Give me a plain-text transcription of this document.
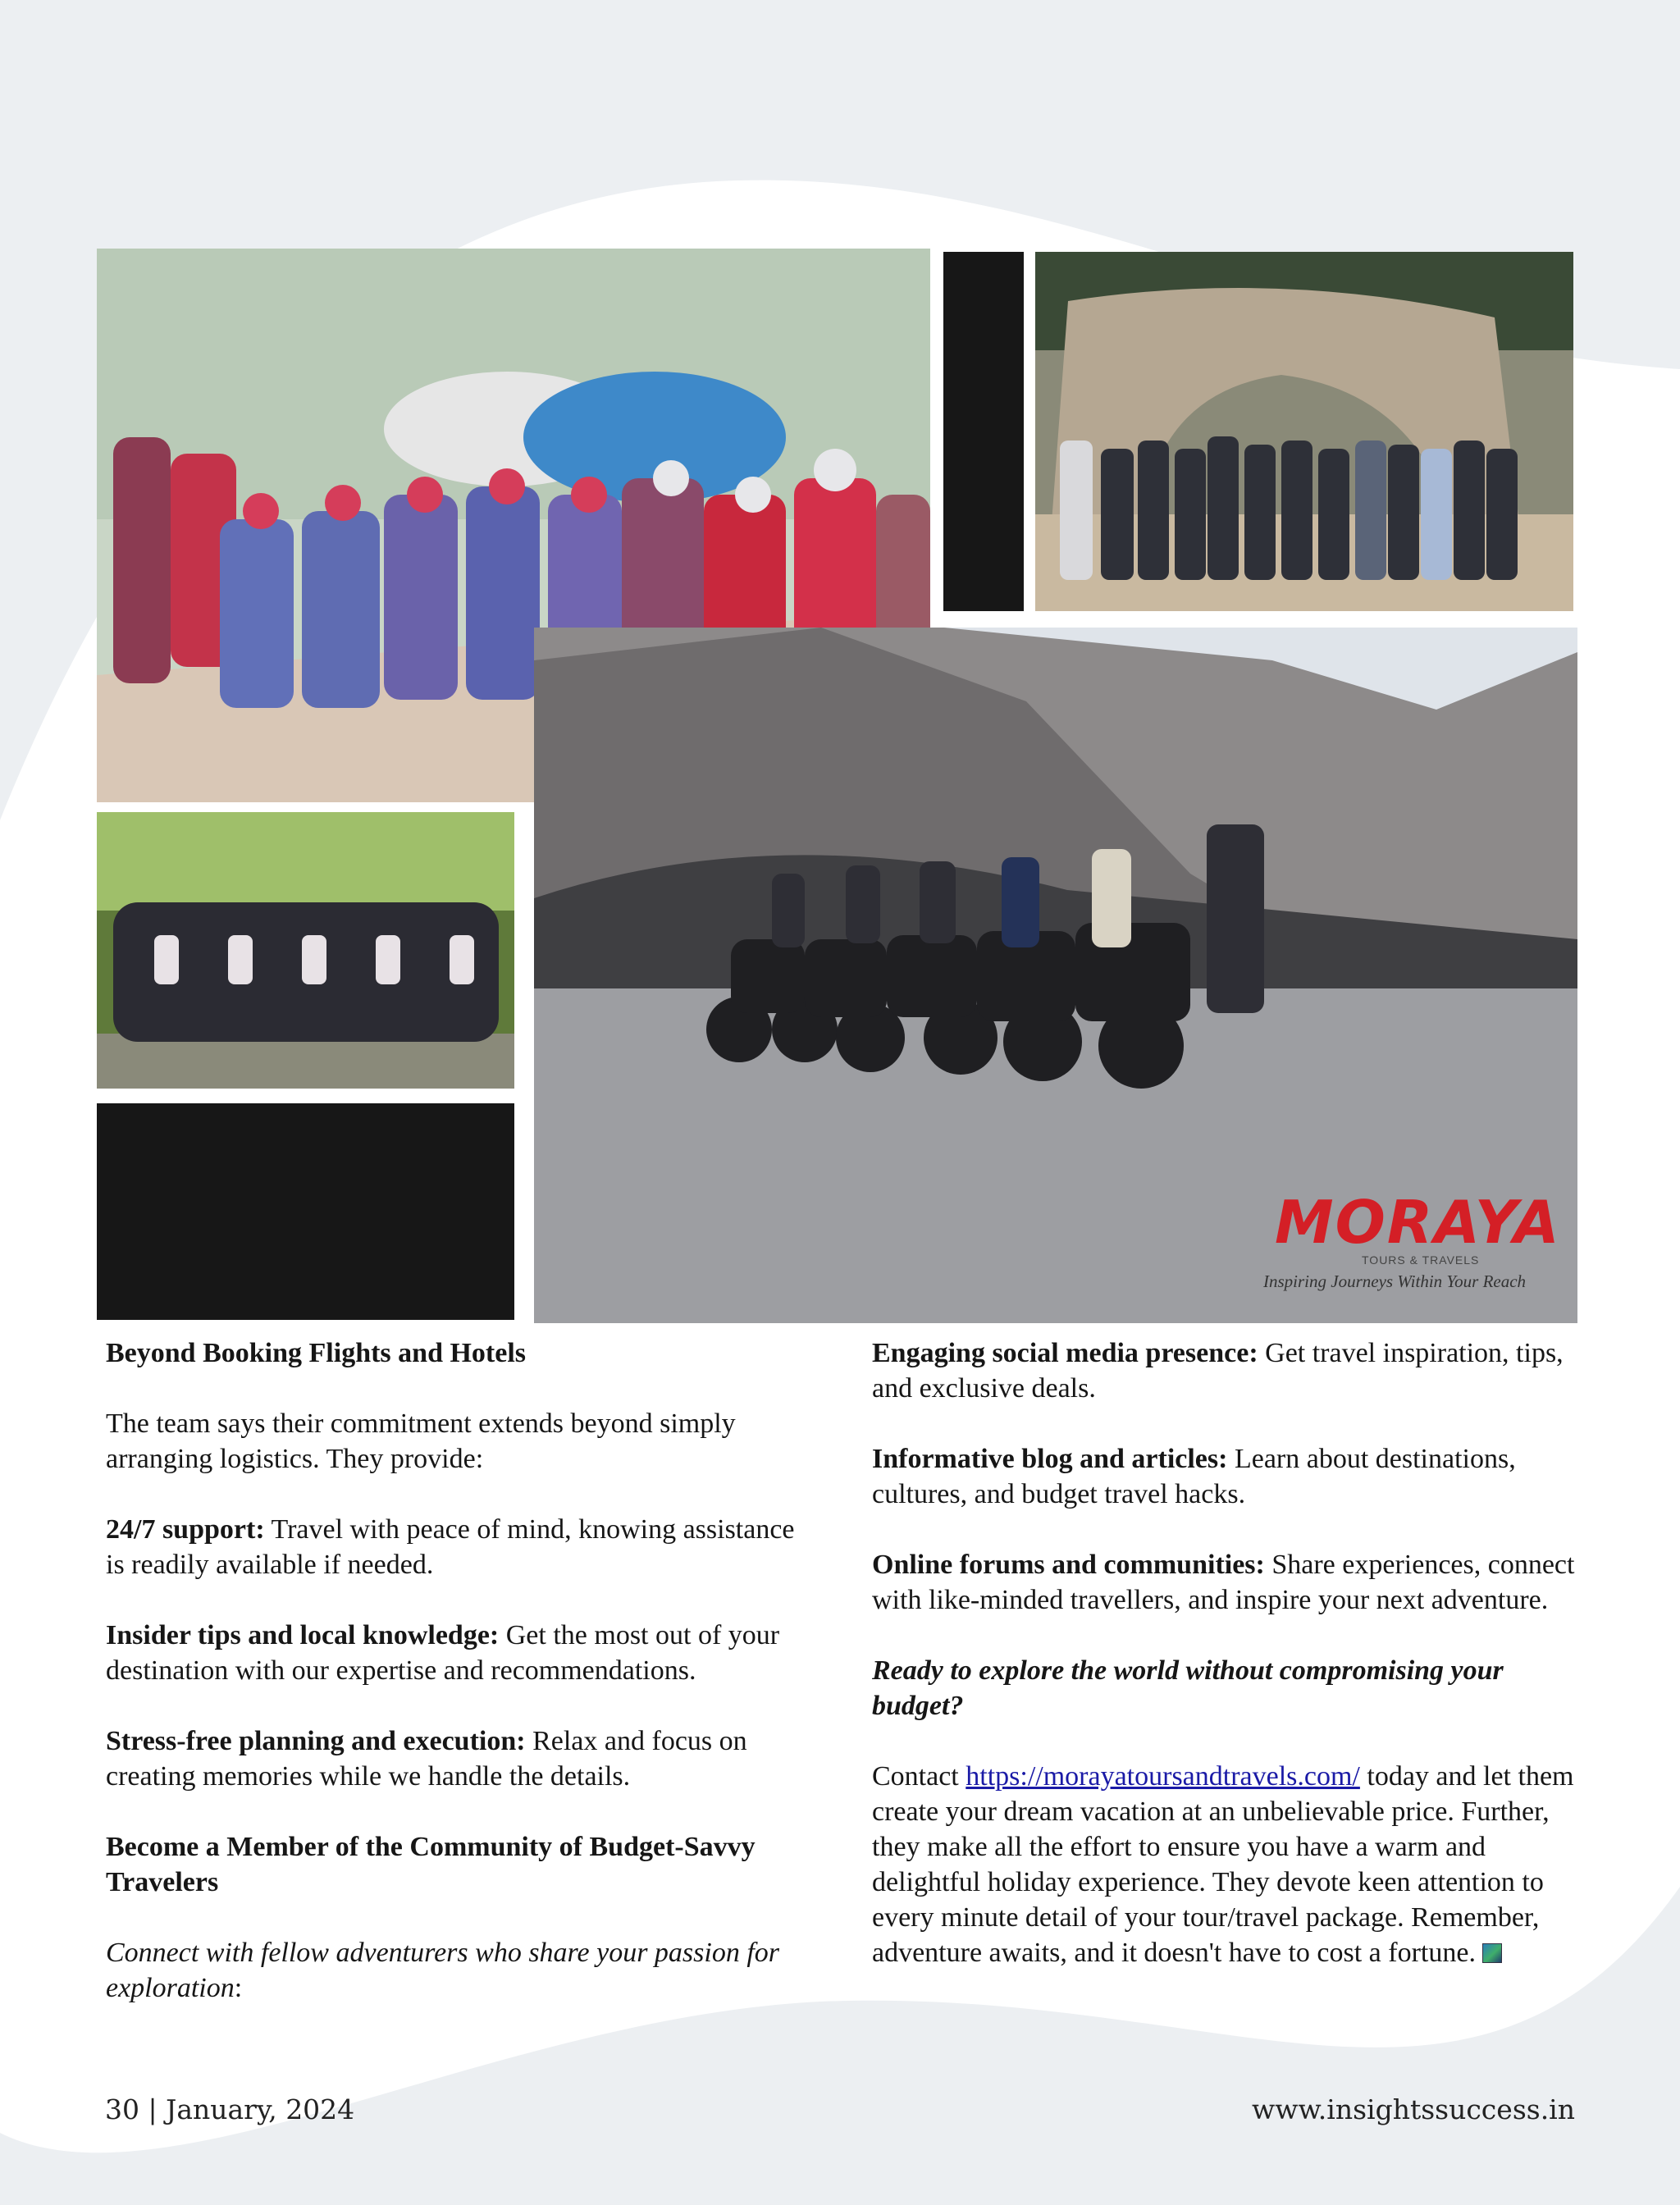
MORAYA
TOURS & TRAVELS
Inspiring Journeys Within Your Reach

Beyond Booking Flights and Hotels

The team says their commitment extends beyond simply arranging logistics. They provide:

24/7 support: Travel with peace of mind, knowing assistance is readily available if needed.

Insider tips and local knowledge: Get the most out of your destination with our expertise and recommendations.

Stress-free planning and execution: Relax and focus on creating memories while we handle the details.

Become a Member of the Community of Budget-Savvy Travelers

Connect with fellow adventurers who share your passion for exploration:

Engaging social media presence: Get travel inspiration, tips, and exclusive deals.

Informative blog and articles: Learn about destinations, cultures, and budget travel hacks.

Online forums and communities: Share experiences, connect with like-minded travellers, and inspire your next adventure.

Ready to explore the world without compromising your budget?

Contact https://morayatoursandtravels.com/ today and let them create your dream vacation at an unbelievable price. Further, they make all the effort to ensure you have a warm and delightful holiday experience. They devote keen attention to every minute detail of your tour/travel package. Remember, adventure awaits, and it doesn't have to cost a fortune.

30 | January, 2024	www.insightssuccess.in
